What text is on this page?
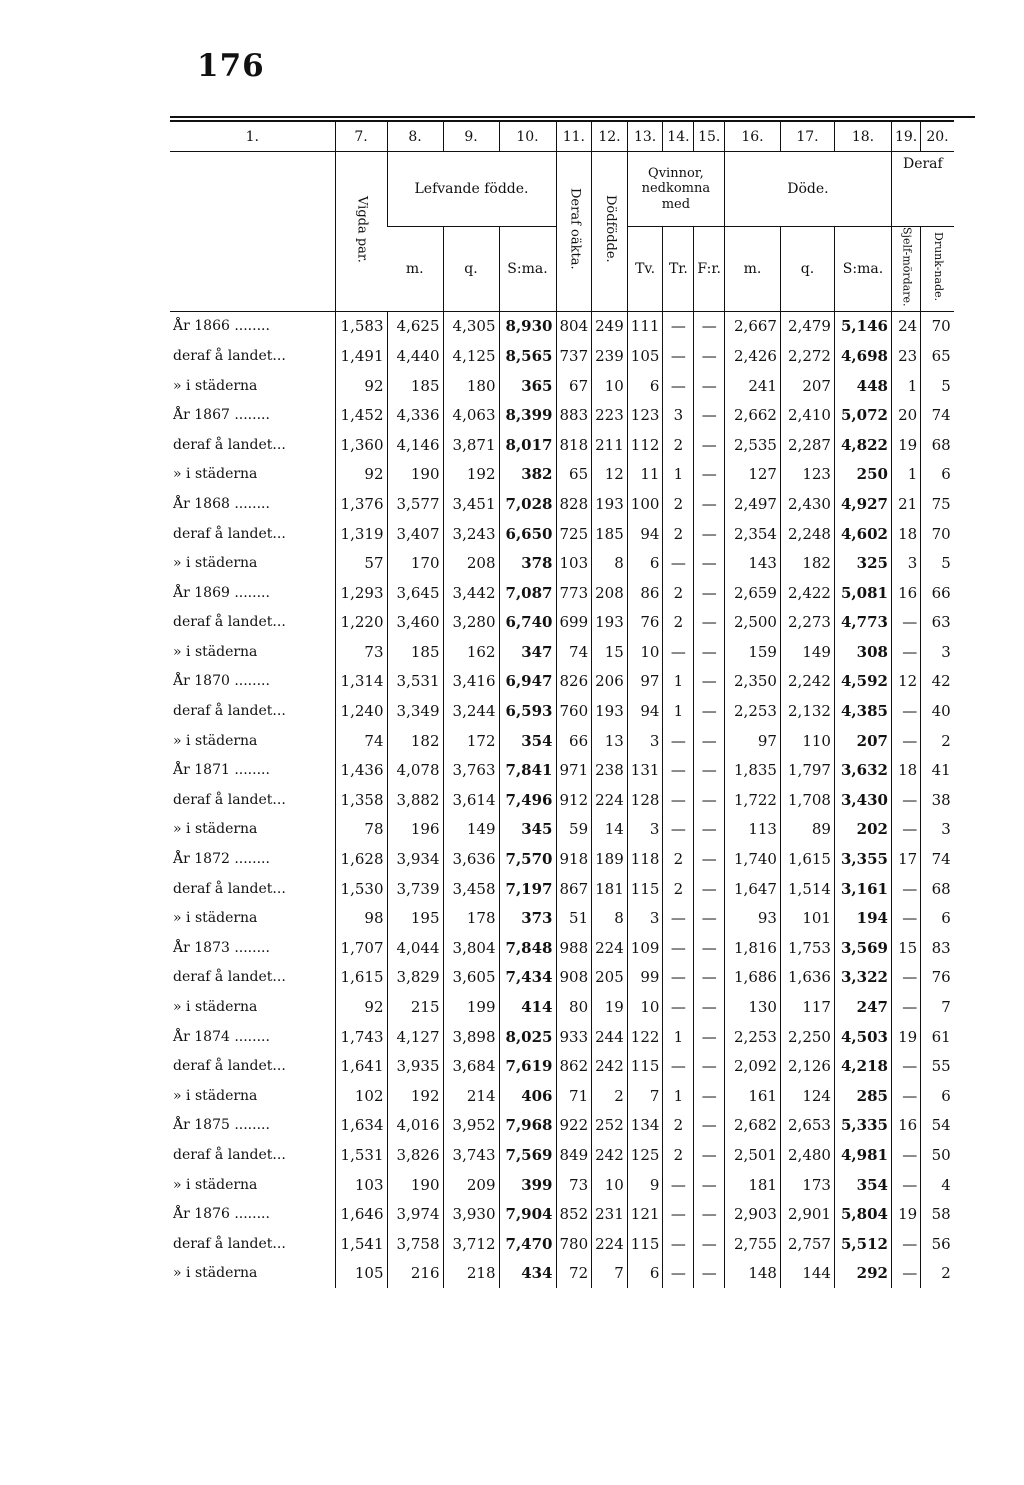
176
1.	7.	8.	9.	10.	11.	12.	13.	14.	15.	16.	17.	18.	19.	20.
	Vigda par.	Lefvande födde.			Deraf oäkta.	Dödfödde.	Qvinnor, nedkomna med			Döde.			Deraf	
		m.	q.	S:ma.			Tv.	Tr.	F:r.	m.	q.	S:ma.	Sjelf-mördare.	Drunk-nade.
År 1866 ........	1,583	4,625	4,305	8,930	804	249	111	—	—	2,667	2,479	5,146	24	70
deraf å landet...	1,491	4,440	4,125	8,565	737	239	105	—	—	2,426	2,272	4,698	23	65
» i städerna	92	185	180	365	67	10	6	—	—	241	207	448	1	5
År 1867 ........	1,452	4,336	4,063	8,399	883	223	123	3	—	2,662	2,410	5,072	20	74
deraf å landet...	1,360	4,146	3,871	8,017	818	211	112	2	—	2,535	2,287	4,822	19	68
» i städerna	92	190	192	382	65	12	11	1	—	127	123	250	1	6
År 1868 ........	1,376	3,577	3,451	7,028	828	193	100	2	—	2,497	2,430	4,927	21	75
deraf å landet...	1,319	3,407	3,243	6,650	725	185	94	2	—	2,354	2,248	4,602	18	70
» i städerna	57	170	208	378	103	8	6	—	—	143	182	325	3	5
År 1869 ........	1,293	3,645	3,442	7,087	773	208	86	2	—	2,659	2,422	5,081	16	66
deraf å landet...	1,220	3,460	3,280	6,740	699	193	76	2	—	2,500	2,273	4,773	—	63
» i städerna	73	185	162	347	74	15	10	—	—	159	149	308	—	3
År 1870 ........	1,314	3,531	3,416	6,947	826	206	97	1	—	2,350	2,242	4,592	12	42
deraf å landet...	1,240	3,349	3,244	6,593	760	193	94	1	—	2,253	2,132	4,385	—	40
» i städerna	74	182	172	354	66	13	3	—	—	97	110	207	—	2
År 1871 ........	1,436	4,078	3,763	7,841	971	238	131	—	—	1,835	1,797	3,632	18	41
deraf å landet...	1,358	3,882	3,614	7,496	912	224	128	—	—	1,722	1,708	3,430	—	38
» i städerna	78	196	149	345	59	14	3	—	—	113	89	202	—	3
År 1872 ........	1,628	3,934	3,636	7,570	918	189	118	2	—	1,740	1,615	3,355	17	74
deraf å landet...	1,530	3,739	3,458	7,197	867	181	115	2	—	1,647	1,514	3,161	—	68
» i städerna	98	195	178	373	51	8	3	—	—	93	101	194	—	6
År 1873 ........	1,707	4,044	3,804	7,848	988	224	109	—	—	1,816	1,753	3,569	15	83
deraf å landet...	1,615	3,829	3,605	7,434	908	205	99	—	—	1,686	1,636	3,322	—	76
» i städerna	92	215	199	414	80	19	10	—	—	130	117	247	—	7
År 1874 ........	1,743	4,127	3,898	8,025	933	244	122	1	—	2,253	2,250	4,503	19	61
deraf å landet...	1,641	3,935	3,684	7,619	862	242	115	—	—	2,092	2,126	4,218	—	55
» i städerna	102	192	214	406	71	2	7	1	—	161	124	285	—	6
År 1875 ........	1,634	4,016	3,952	7,968	922	252	134	2	—	2,682	2,653	5,335	16	54
deraf å landet...	1,531	3,826	3,743	7,569	849	242	125	2	—	2,501	2,480	4,981	—	50
» i städerna	103	190	209	399	73	10	9	—	—	181	173	354	—	4
År 1876 ........	1,646	3,974	3,930	7,904	852	231	121	—	—	2,903	2,901	5,804	19	58
deraf å landet...	1,541	3,758	3,712	7,470	780	224	115	—	—	2,755	2,757	5,512	—	56
» i städerna	105	216	218	434	72	7	6	—	—	148	144	292	—	2
